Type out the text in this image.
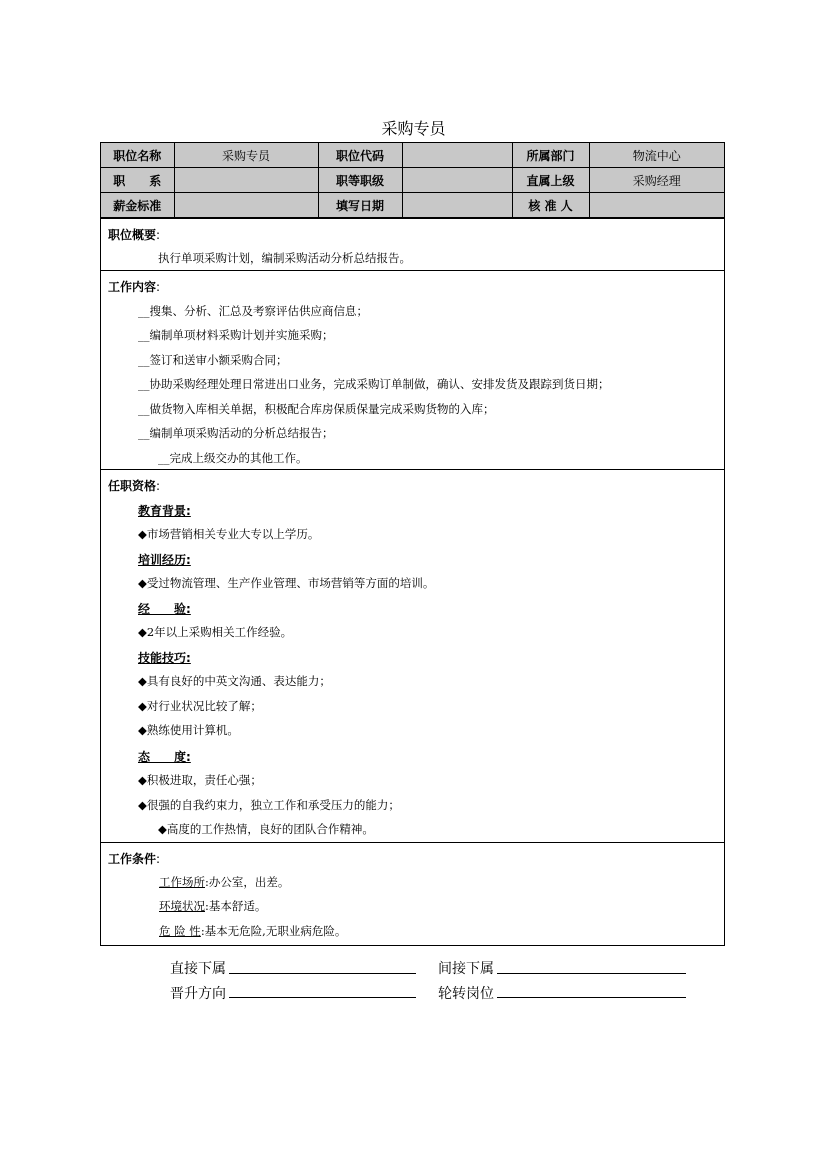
采购专员
职位名称	采购专员	职位代码		所属部门	物流中心
职　　系		职等职级		直属上级	采购经理
薪金标准		填写日期		核 准 人	
职位概要:
执行单项采购计划，编制采购活动分析总结报告。
工作内容:
__搜集、分析、汇总及考察评估供应商信息；
__编制单项材料采购计划并实施采购；
__签订和送审小额采购合同；
__协助采购经理处理日常进出口业务，完成采购订单制做，确认、安排发货及跟踪到货日期；
__做货物入库相关单据，积极配合库房保质保量完成采购货物的入库；
__编制单项采购活动的分析总结报告；
__完成上级交办的其他工作。
任职资格:
教育背景:
◆市场营销相关专业大专以上学历。
培训经历:
◆受过物流管理、生产作业管理、市场营销等方面的培训。
经　　验:
◆2年以上采购相关工作经验。
技能技巧:
◆具有良好的中英文沟通、表达能力；
◆对行业状况比较了解；
◆熟练使用计算机。
态　　度:
◆积极进取，责任心强；
◆很强的自我约束力，独立工作和承受压力的能力；
◆高度的工作热情，良好的团队合作精神。
工作条件:
工作场所:办公室，出差。
环境状况:基本舒适。
危 险 性:基本无危险,无职业病危险。
直接下属	间接下属
晋升方向	轮转岗位
